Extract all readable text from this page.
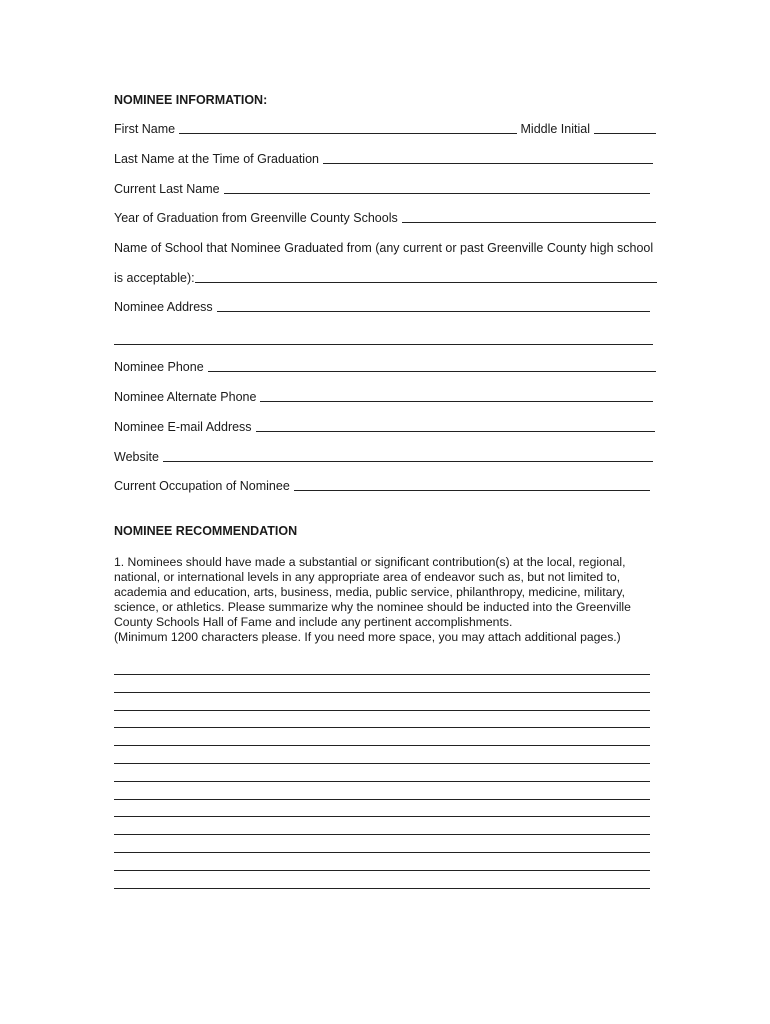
NOMINEE INFORMATION:
First Name	Middle Initial
Last Name at the Time of Graduation
Current Last Name
Year of Graduation from Greenville County Schools
Name of School that Nominee Graduated from (any current or past Greenville County high school
is acceptable):
Nominee Address
Nominee Phone
Nominee Alternate Phone
Nominee E-mail Address
Website
Current Occupation of Nominee
NOMINEE RECOMMENDATION

1. Nominees should have made a substantial or significant contribution(s) at the local, regional, national, or international levels in any appropriate area of endeavor such as, but not limited to, academia and education, arts, business, media, public service, philanthropy, medicine, military, science, or athletics. Please summarize why the nominee should be inducted into the Greenville County Schools Hall of Fame and include any pertinent accomplishments.
(Minimum 1200 characters please. If you need more space, you may attach additional pages.)
